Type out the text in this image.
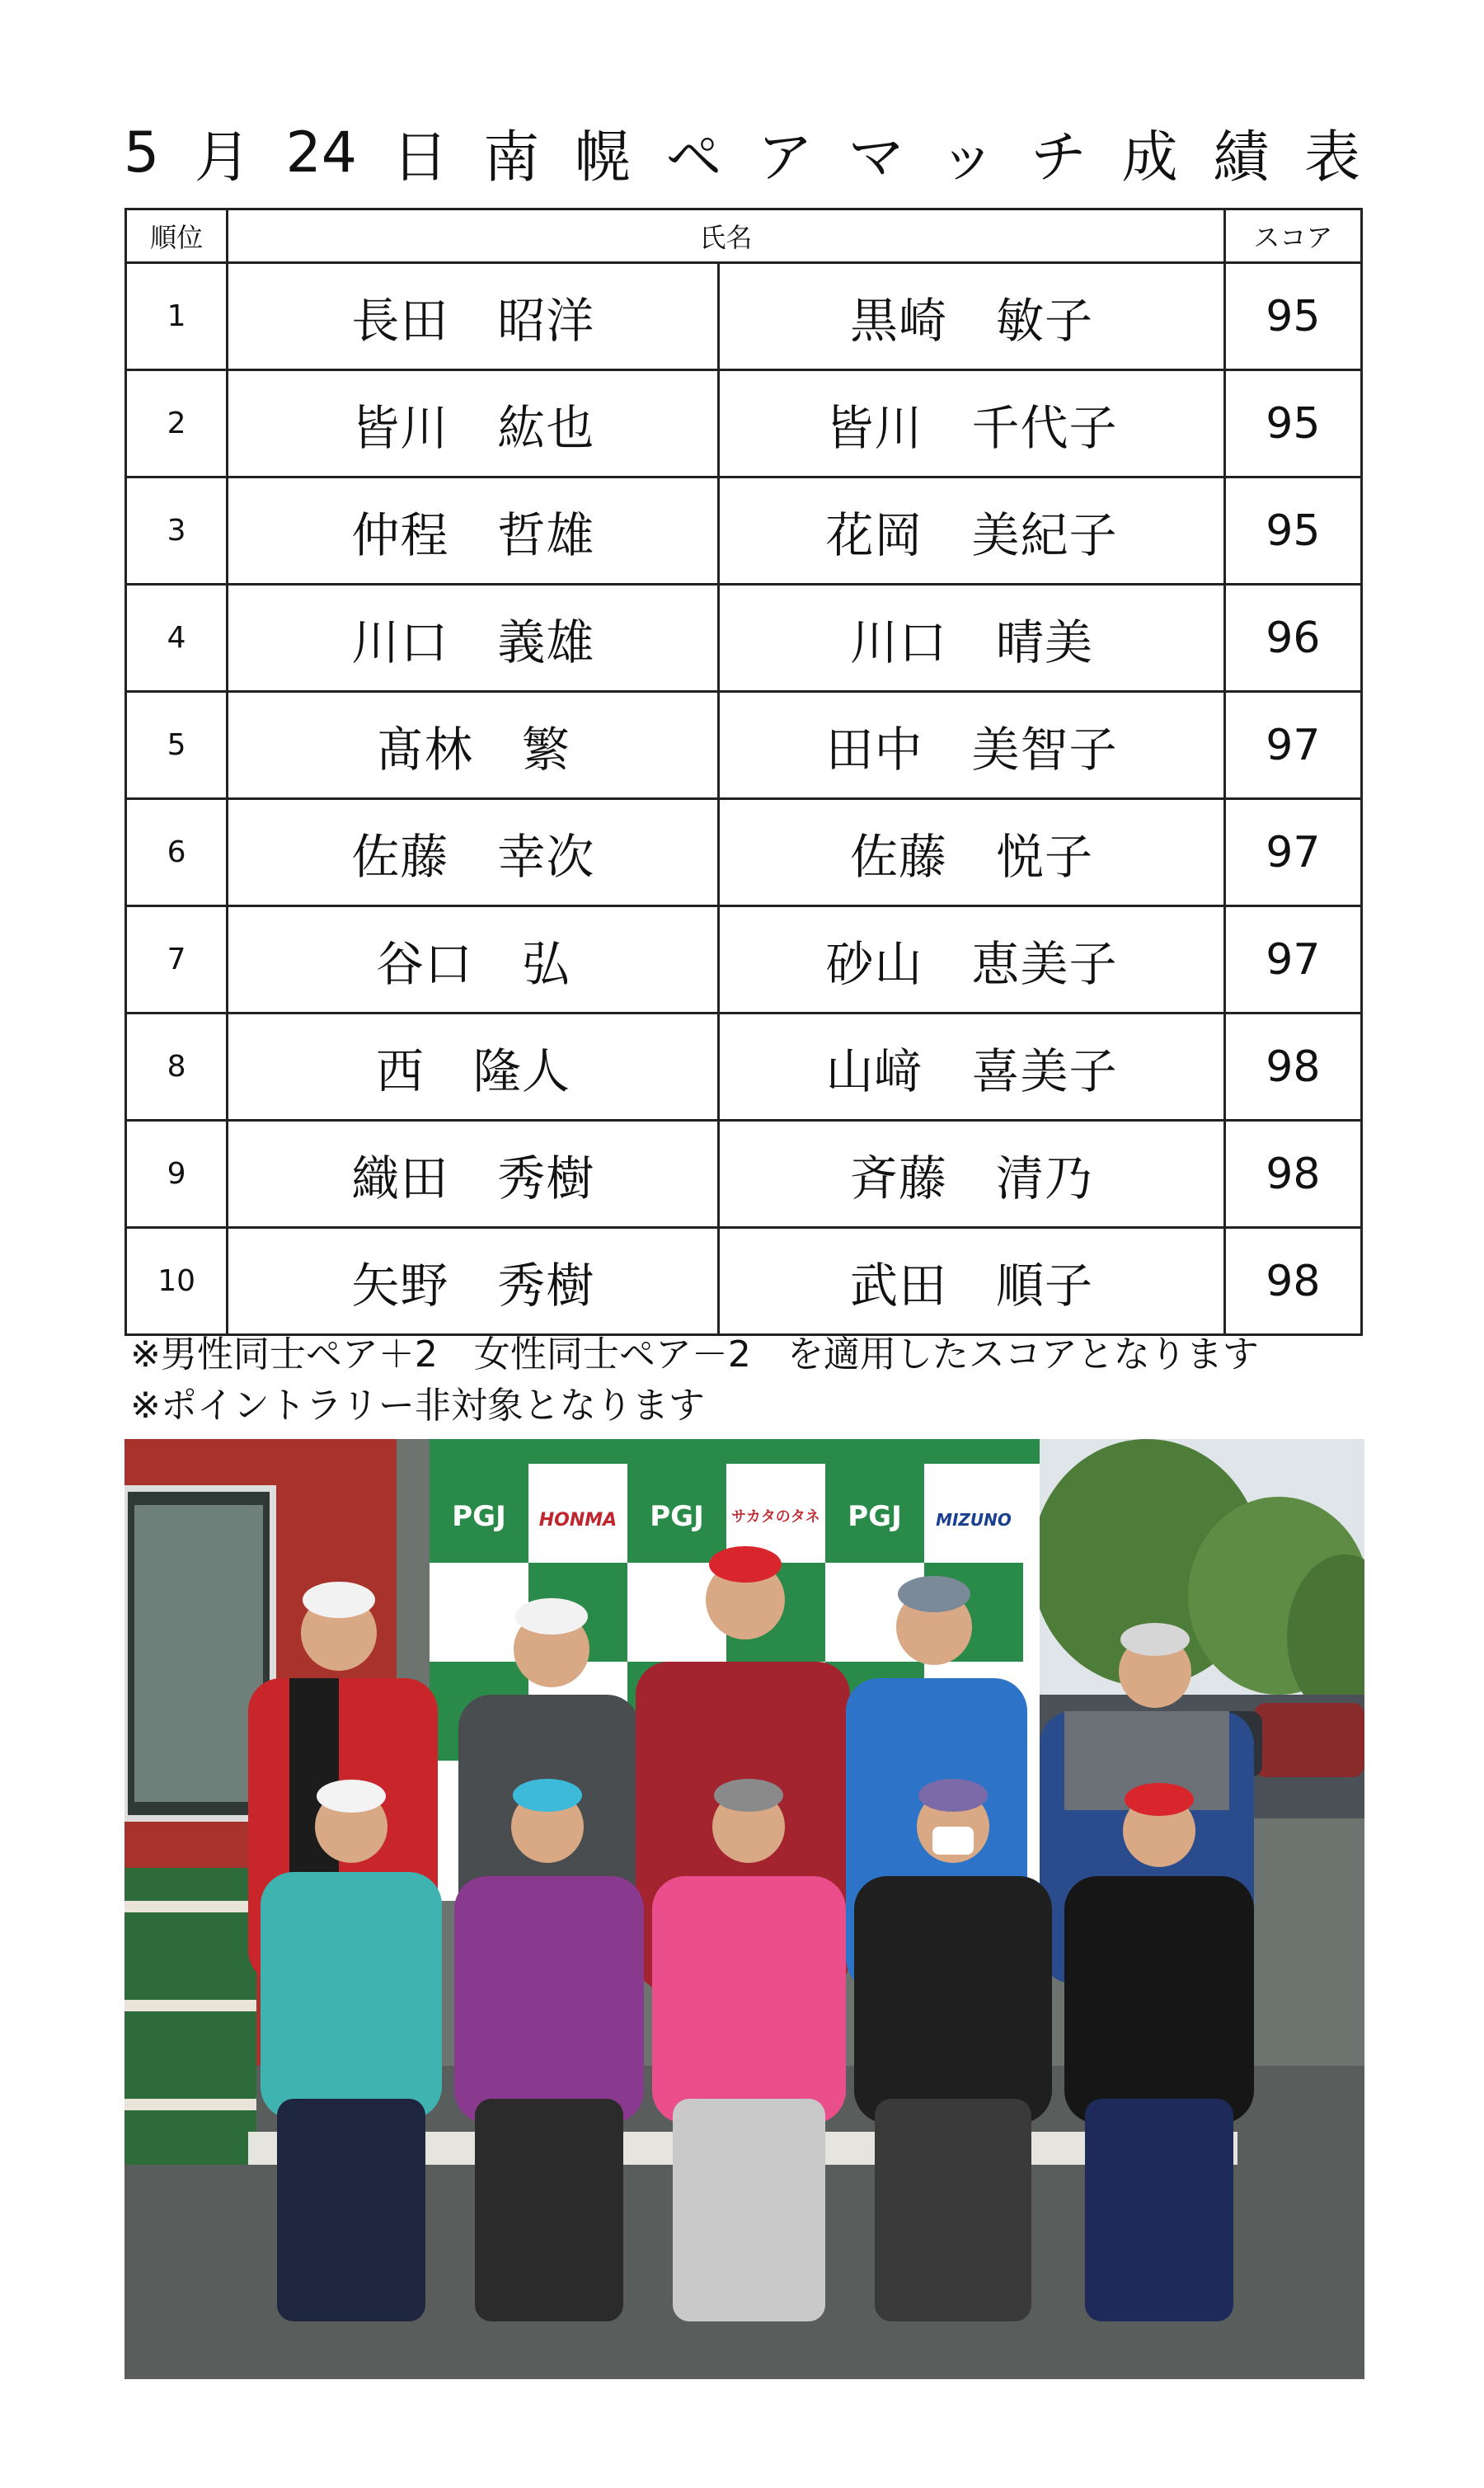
5 月 24 日 南 幌 ペ ア マ ッ チ 成 績 表
順位	氏名		スコア
1	長田　昭洋	黒崎　敏子	95
2	皆川　紘也	皆川　千代子	95
3	仲程　哲雄	花岡　美紀子	95
4	川口　義雄	川口　晴美	96
5	髙林　繁	田中　美智子	97
6	佐藤　幸次	佐藤　悦子	97
7	谷口　弘	砂山　恵美子	97
8	西　隆人	山﨑　喜美子	98
9	織田　秀樹	斉藤　清乃	98
10	矢野　秀樹	武田　順子	98
※男性同士ペア＋2　女性同士ペア－2　を適用したスコアとなります
※ポイントラリー非対象となります
PGJ HONMA PGJ サカタのタネ PGJ MIZUNO
